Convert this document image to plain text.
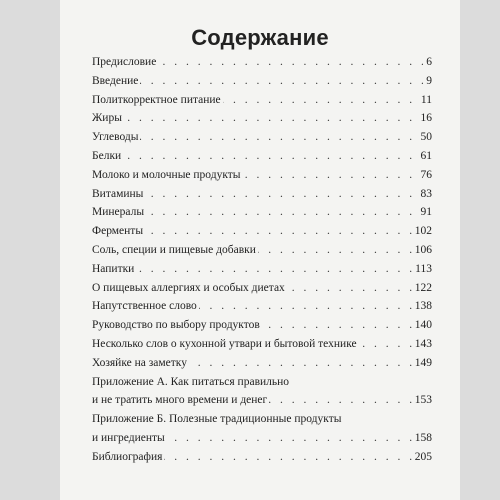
Содержание
. . .
Предисловие	6
. . .
Введение	9
. . .
Политкорректное питание	11
. . .
Жиры	16
. . .
Углеводы	50
. . .
Белки	61
. . .
Молоко и молочные продукты	76
. . .
Витамины	83
. . .
Минералы	91
. . .
Ферменты	102
. . .
Соль, специи и пищевые добавки	106
. . .
Напитки	113
. . .
О пищевых аллергиях и особых диетах	122
. . .
Напутственное слово	138
. . .
Руководство по выбору продуктов	140
. . .
Несколько слов о кухонной утвари и бытовой технике	143
. . .
Хозяйке на заметку	149
Приложение А. Как питаться правильно
. . .
и не тратить много времени и денег	153
Приложение Б. Полезные традиционные продукты
. . .
и ингредиенты	158
. . .
Библиография	205
